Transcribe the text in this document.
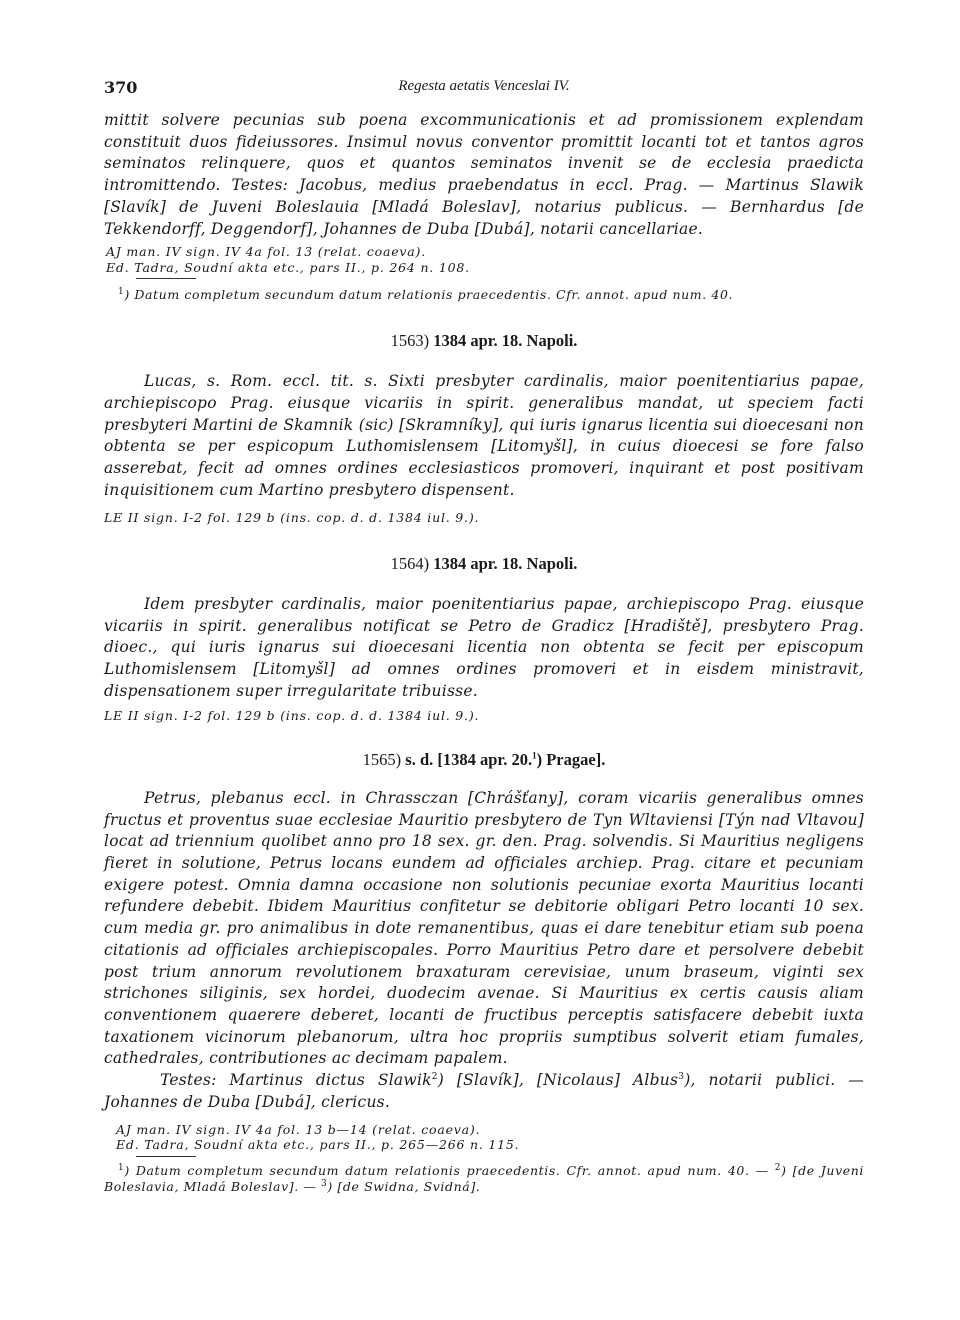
370	Regesta aetatis Venceslai IV.

mittit solvere pecunias sub poena excommunicationis et ad promissionem explendam constituit duos fideiussores. Insimul novus conventor promittit locanti tot et tantos agros seminatos relinquere, quos et quantos seminatos invenit se de ecclesia praedicta intromittendo. Testes: Jacobus, medius praebendatus in eccl. Prag. — Martinus Slawik [Slavík] de Juveni Boleslauia [Mladá Boleslav], notarius publicus. — Bernhardus [de Tekkendorff, Deggendorf], Johannes de Duba [Dubá], notarii cancellariae.

AJ man. IV sign. IV 4a fol. 13 (relat. coaeva).

Ed. Tadra, Soudní akta etc., pars II., p. 264 n. 108.

$^1$) Datum completum secundum datum relationis praecedentis. Cfr. annot. apud num. 40.

1563) 1384 apr. 18. Napoli.

Lucas, s. Rom. eccl. tit. s. Sixti presbyter cardinalis, maior poenitentiarius papae, archiepiscopo Prag. eiusque vicariis in spirit. generalibus mandat, ut speciem facti presbyteri Martini de Skamnik (sic) [Skramníky], qui iuris ignarus licentia sui dioecesani non obtenta se per espicopum Luthomislensem [Litomyšl], in cuius dioecesi se fore falso asserebat, fecit ad omnes ordines ecclesiasticos promoveri, inquirant et post positivam inquisitionem cum Martino presbytero dispensent.

LE II sign. I-2 fol. 129 b (ins. cop. d. d. 1384 iul. 9.).

1564) 1384 apr. 18. Napoli.

Idem presbyter cardinalis, maior poenitentiarius papae, archiepiscopo Prag. eiusque vicariis in spirit. generalibus notificat se Petro de Gradicz [Hradiště], presbytero Prag. dioec., qui iuris ignarus sui dioecesani licentia non obtenta se fecit per episcopum Luthomislensem [Litomyšl] ad omnes ordines promoveri et in eisdem ministravit, dispensationem super irregularitate tribuisse.

LE II sign. I-2 fol. 129 b (ins. cop. d. d. 1384 iul. 9.).

1565) s. d. [1384 apr. 20.$^1$) Pragae].

Petrus, plebanus eccl. in Chrassczan [Chrášťany], coram vicariis generalibus omnes fructus et proventus suae ecclesiae Mauritio presbytero de Tyn Wltaviensi [Týn nad Vltavou] locat ad triennium quolibet anno pro 18 sex. gr. den. Prag. solvendis. Si Mauritius negligens fieret in solutione, Petrus locans eundem ad officiales archiep. Prag. citare et pecuniam exigere potest. Omnia damna occasione non solutionis pecuniae exorta Mauritius locanti refundere debebit. Ibidem Mauritius confitetur se debitorie obligari Petro locanti 10 sex. cum media gr. pro animalibus in dote remanentibus, quas ei dare tenebitur etiam sub poena citationis ad officiales archiepiscopales. Porro Mauritius Petro dare et persolvere debebit post trium annorum revolutionem braxaturam cerevisiae, unum braseum, viginti sex strichones siliginis, sex hordei, duodecim avenae. Si Mauritius ex certis causis aliam conventionem quaerere deberet, locanti de fructibus perceptis satisfacere debebit iuxta taxationem vicinorum plebanorum, ultra hoc propriis sumptibus solverit etiam fumales, cathedrales, contributiones ac decimam papalem.

Testes: Martinus dictus Slawik$^2$) [Slavík], [Nicolaus] Albus$^3$), notarii publici. — Johannes de Duba [Dubá], clericus.

AJ man. IV sign. IV 4a fol. 13 b—14 (relat. coaeva).

Ed. Tadra, Soudní akta etc., pars II., p. 265—266 n. 115.

$^1$) Datum completum secundum datum relationis praecedentis. Cfr. annot. apud num. 40. — $^2$) [de Juveni Boleslavia, Mladá Boleslav]. — $^3$) [de Swidna, Svidná].
